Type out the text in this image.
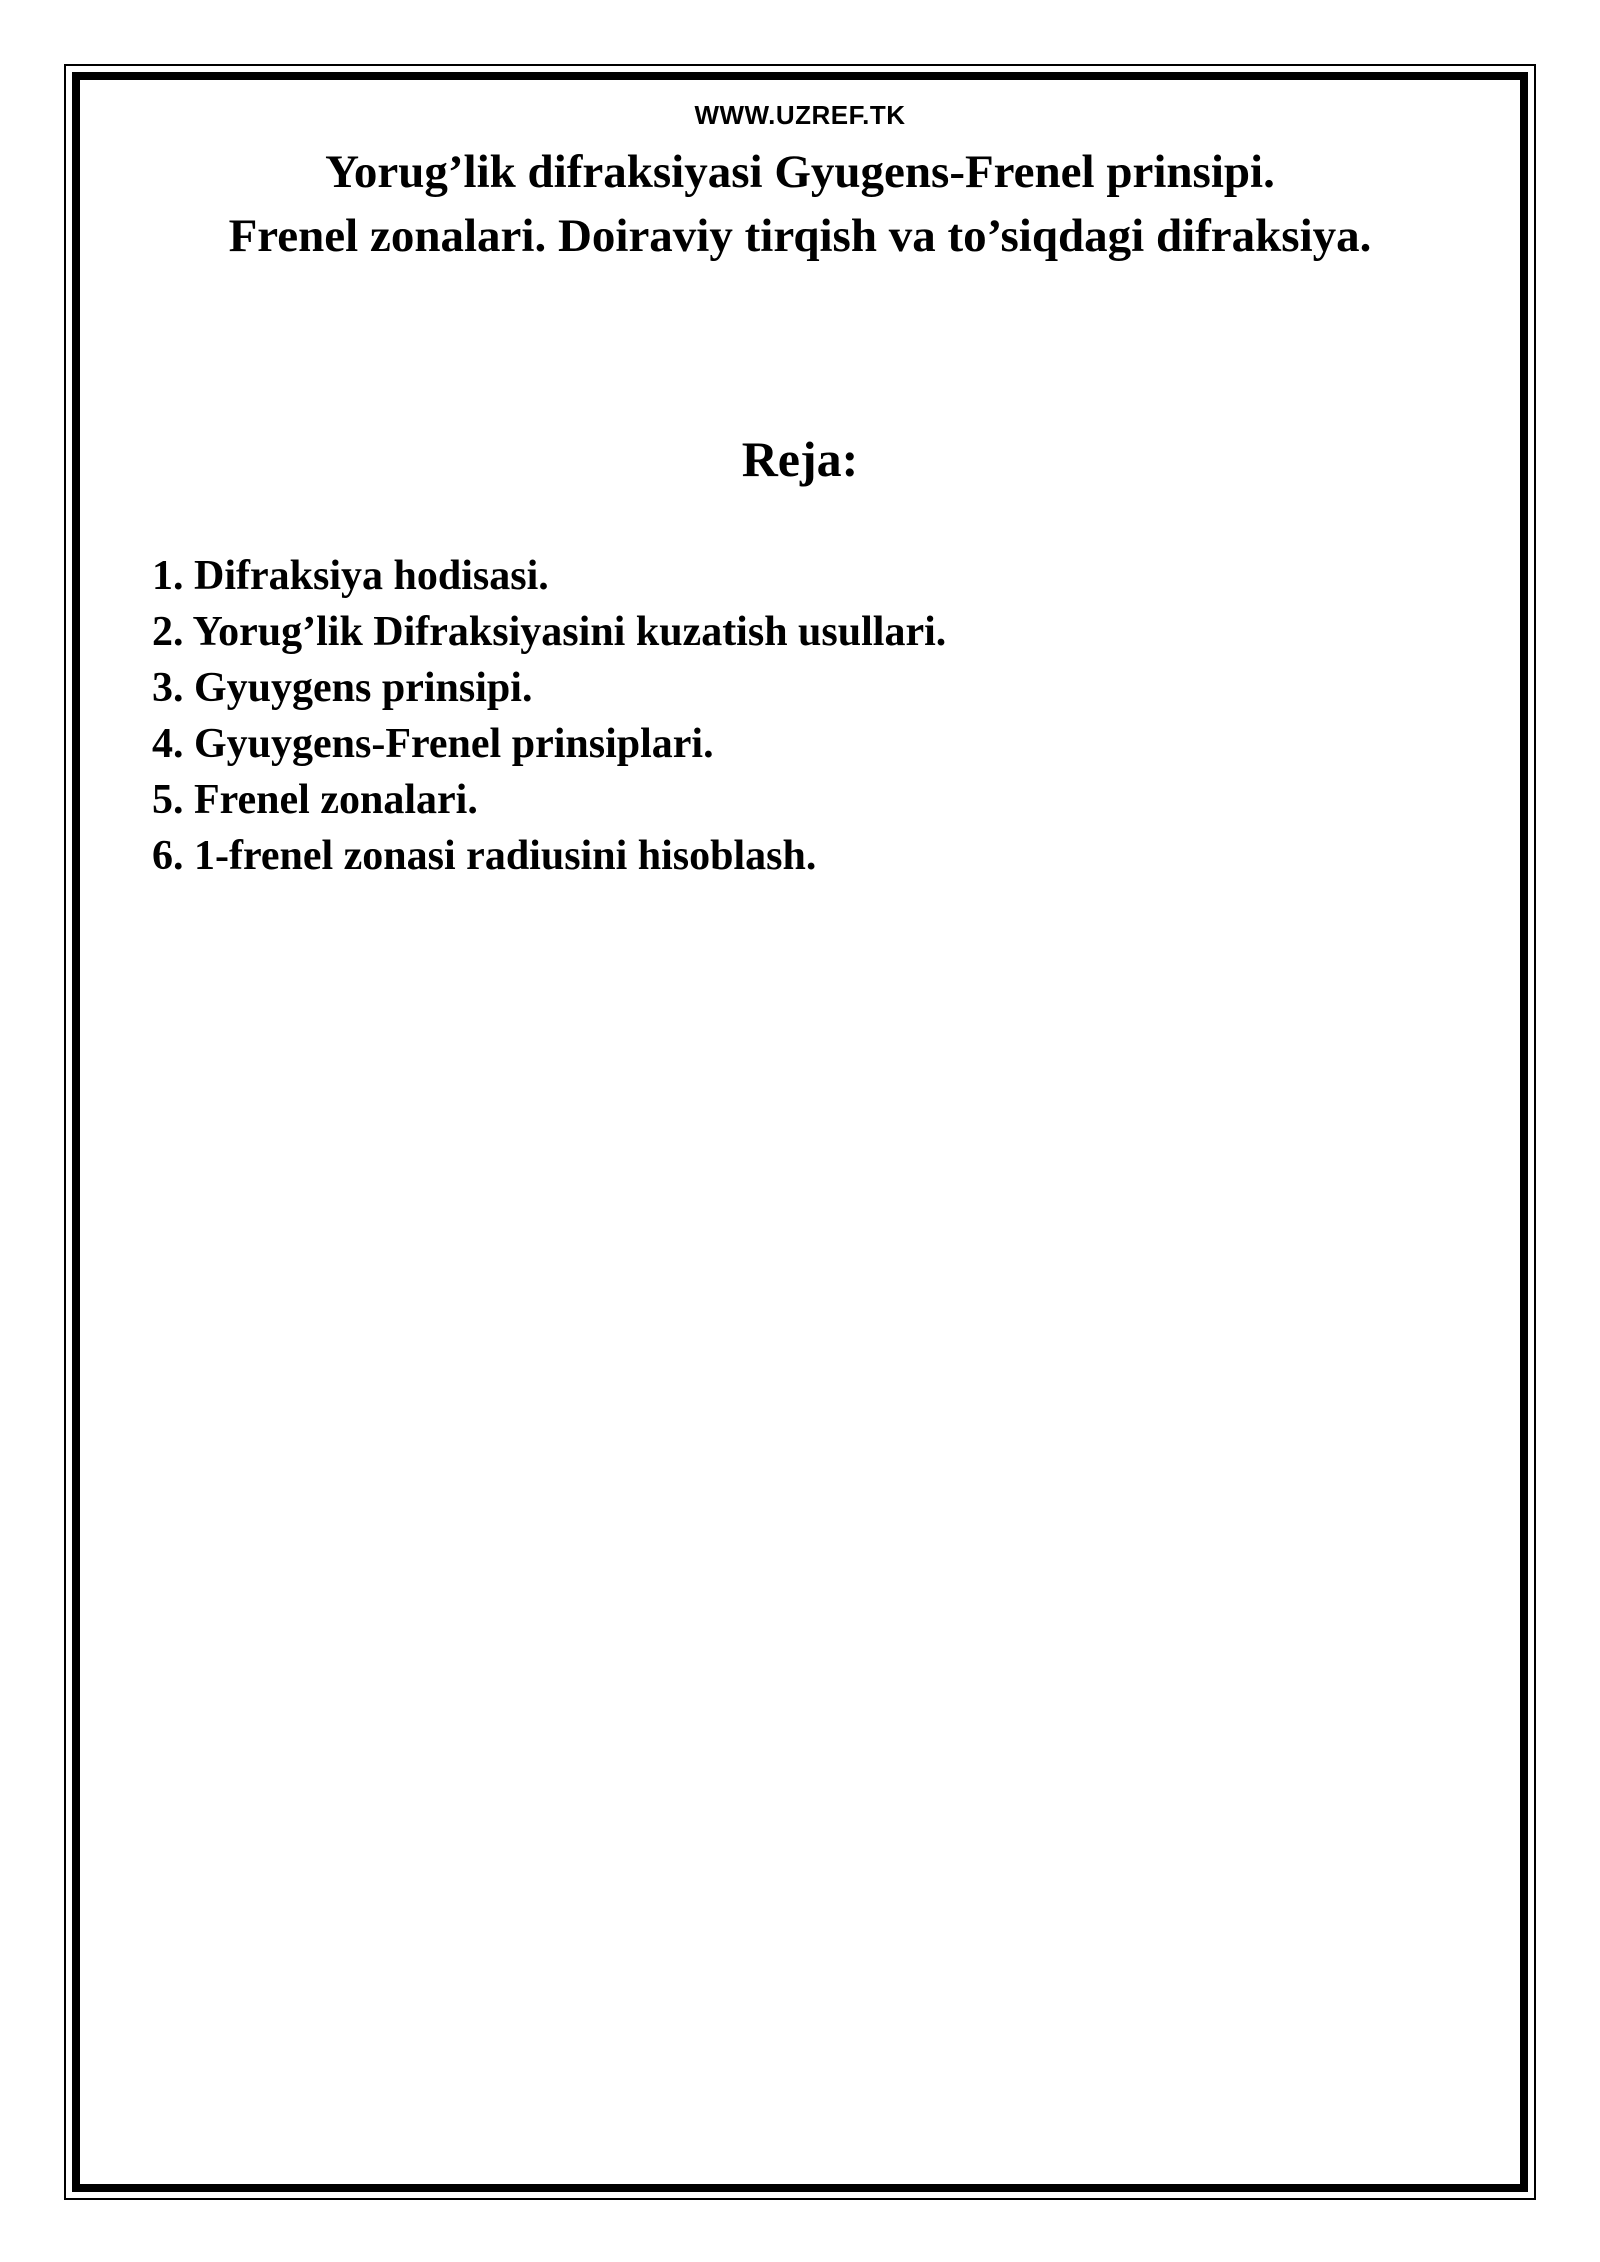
WWW.UZREF.TK
Yorug’lik difraksiyasi Gyugens-Frenel prinsipi.
Frenel zonalari. Doiraviy tirqish va to’siqdagi difraksiya.
Reja:
1. Difraksiya hodisasi.
2. Yorug’lik Difraksiyasini kuzatish usullari.
3. Gyuygens prinsipi.
4. Gyuygens-Frenel prinsiplari.
5. Frenel zonalari.
6. 1-frenel zonasi radiusini hisoblash.
